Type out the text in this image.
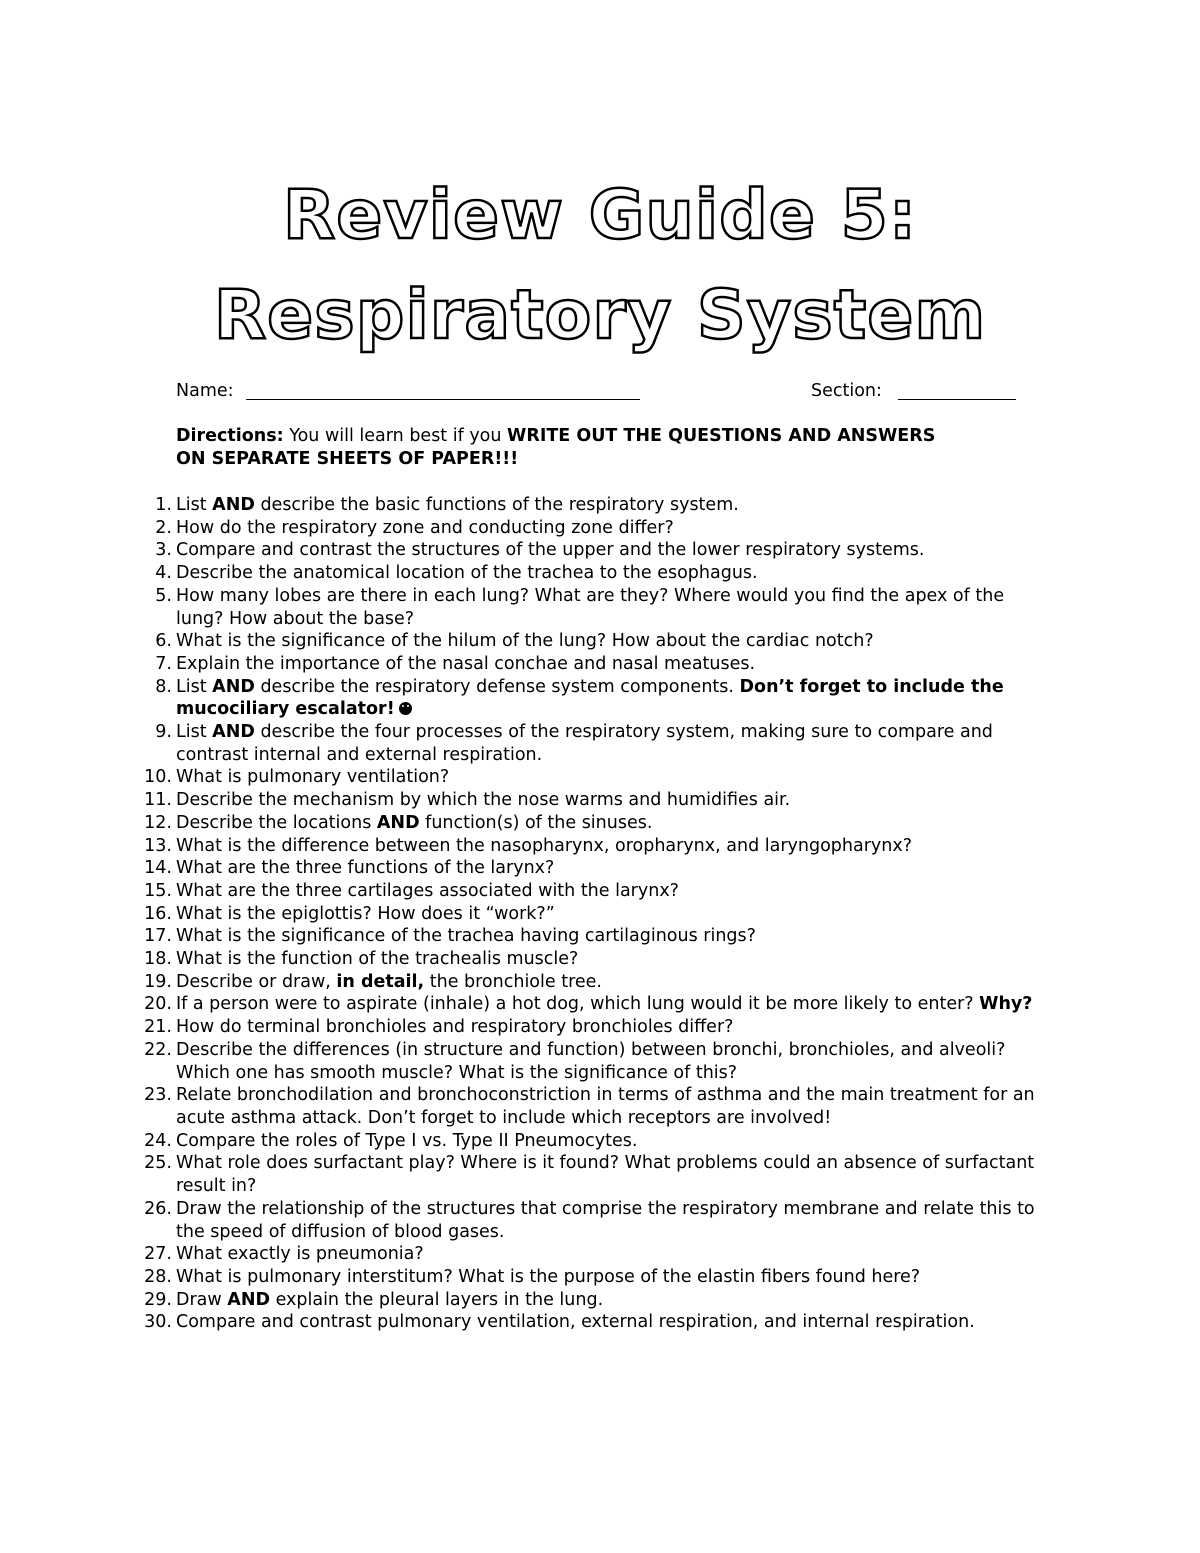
Review Guide 5:
Respiratory System
Name:	Section:

Directions: You will learn best if you WRITE OUT THE QUESTIONS AND ANSWERS ON SEPARATE SHEETS OF PAPER!!!

1. List AND describe the basic functions of the respiratory system.
2. How do the respiratory zone and conducting zone differ?
3. Compare and contrast the structures of the upper and the lower respiratory systems.
4. Describe the anatomical location of the trachea to the esophagus.
5. How many lobes are there in each lung? What are they? Where would you find the apex of the lung? How about the base?
6. What is the significance of the hilum of the lung? How about the cardiac notch?
7. Explain the importance of the nasal conchae and nasal meatuses.
8. List AND describe the respiratory defense system components. Don’t forget to include the mucociliary escalator!
9. List AND describe the four processes of the respiratory system, making sure to compare and contrast internal and external respiration.
10. What is pulmonary ventilation?
11. Describe the mechanism by which the nose warms and humidifies air.
12. Describe the locations AND function(s) of the sinuses.
13. What is the difference between the nasopharynx, oropharynx, and laryngopharynx?
14. What are the three functions of the larynx?
15. What are the three cartilages associated with the larynx?
16. What is the epiglottis? How does it “work?”
17. What is the significance of the trachea having cartilaginous rings?
18. What is the function of the trachealis muscle?
19. Describe or draw, in detail, the bronchiole tree.
20. If a person were to aspirate (inhale) a hot dog, which lung would it be more likely to enter? Why?
21. How do terminal bronchioles and respiratory bronchioles differ?
22. Describe the differences (in structure and function) between bronchi, bronchioles, and alveoli? Which one has smooth muscle? What is the significance of this?
23. Relate bronchodilation and bronchoconstriction in terms of asthma and the main treatment for an acute asthma attack. Don’t forget to include which receptors are involved!
24. Compare the roles of Type I vs. Type II Pneumocytes.
25. What role does surfactant play? Where is it found? What problems could an absence of surfactant result in?
26. Draw the relationship of the structures that comprise the respiratory membrane and relate this to the speed of diffusion of blood gases.
27. What exactly is pneumonia?
28. What is pulmonary interstitum? What is the purpose of the elastin fibers found here?
29. Draw AND explain the pleural layers in the lung.
30. Compare and contrast pulmonary ventilation, external respiration, and internal respiration.
